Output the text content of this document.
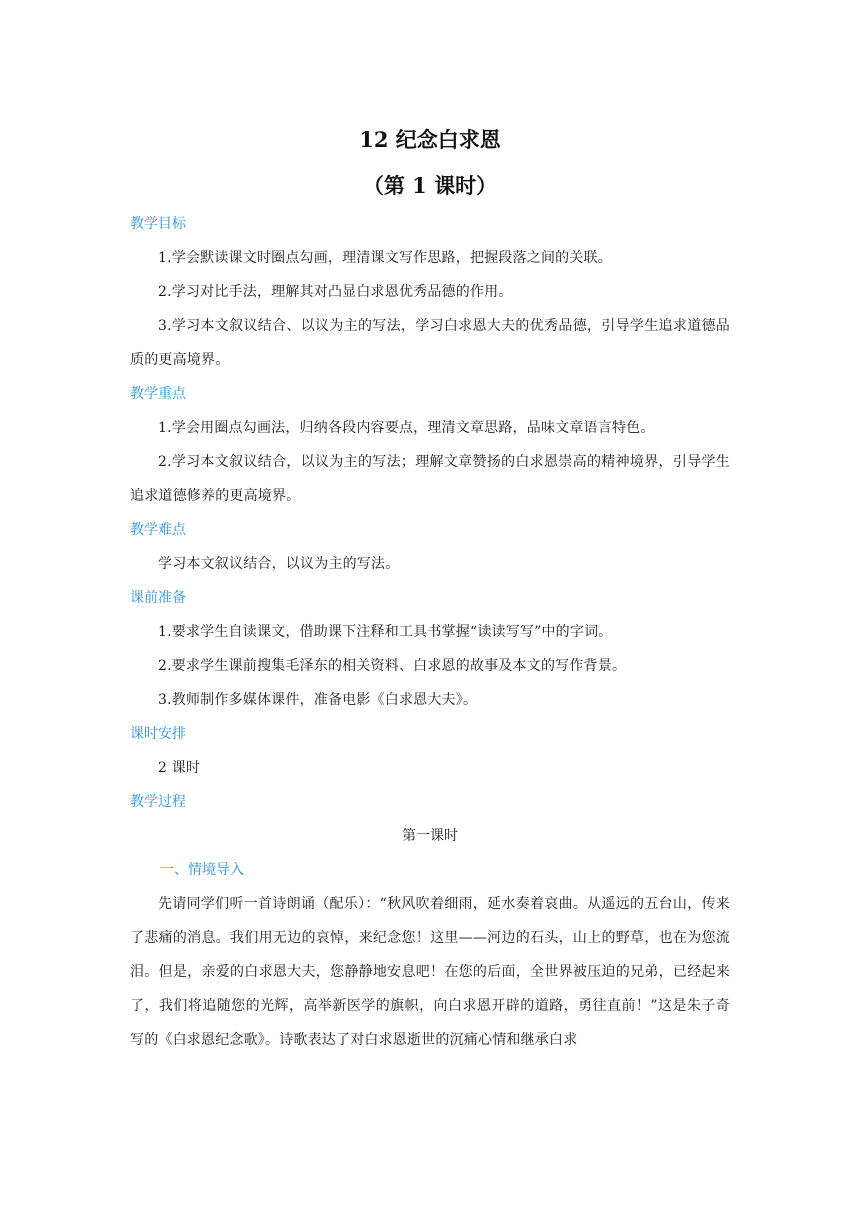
12 纪念白求恩
（第 1 课时）
教学目标

1.学会默读课文时圈点勾画，理清课文写作思路，把握段落之间的关联。

2.学习对比手法，理解其对凸显白求恩优秀品德的作用。

3.学习本文叙议结合、以议为主的写法，学习白求恩大夫的优秀品德，引导学生追求道德品质的更高境界。

教学重点

1.学会用圈点勾画法，归纳各段内容要点，理清文章思路，品味文章语言特色。

2.学习本文叙议结合，以议为主的写法；理解文章赞扬的白求恩崇高的精神境界，引导学生追求道德修养的更高境界。

教学难点

学习本文叙议结合，以议为主的写法。

课前准备

1.要求学生自读课文，借助课下注释和工具书掌握“读读写写”中的字词。

2.要求学生课前搜集毛泽东的相关资料、白求恩的故事及本文的写作背景。

3.教师制作多媒体课件，准备电影《白求恩大夫》。

课时安排

2 课时

教学过程

第一课时

一、情境导入

先请同学们听一首诗朗诵（配乐）：“秋风吹着细雨，延水奏着哀曲。从遥远的五台山，传来了悲痛的消息。我们用无边的哀悼，来纪念您！这里——河边的石头，山上的野草，也在为您流泪。但是，亲爱的白求恩大夫，您静静地安息吧！在您的后面，全世界被压迫的兄弟，已经起来了，我们将追随您的光辉，高举新医学的旗帜，向白求恩开辟的道路，勇往直前！”这是朱子奇写的《白求恩纪念歌》。诗歌表达了对白求恩逝世的沉痛心情和继承白求
